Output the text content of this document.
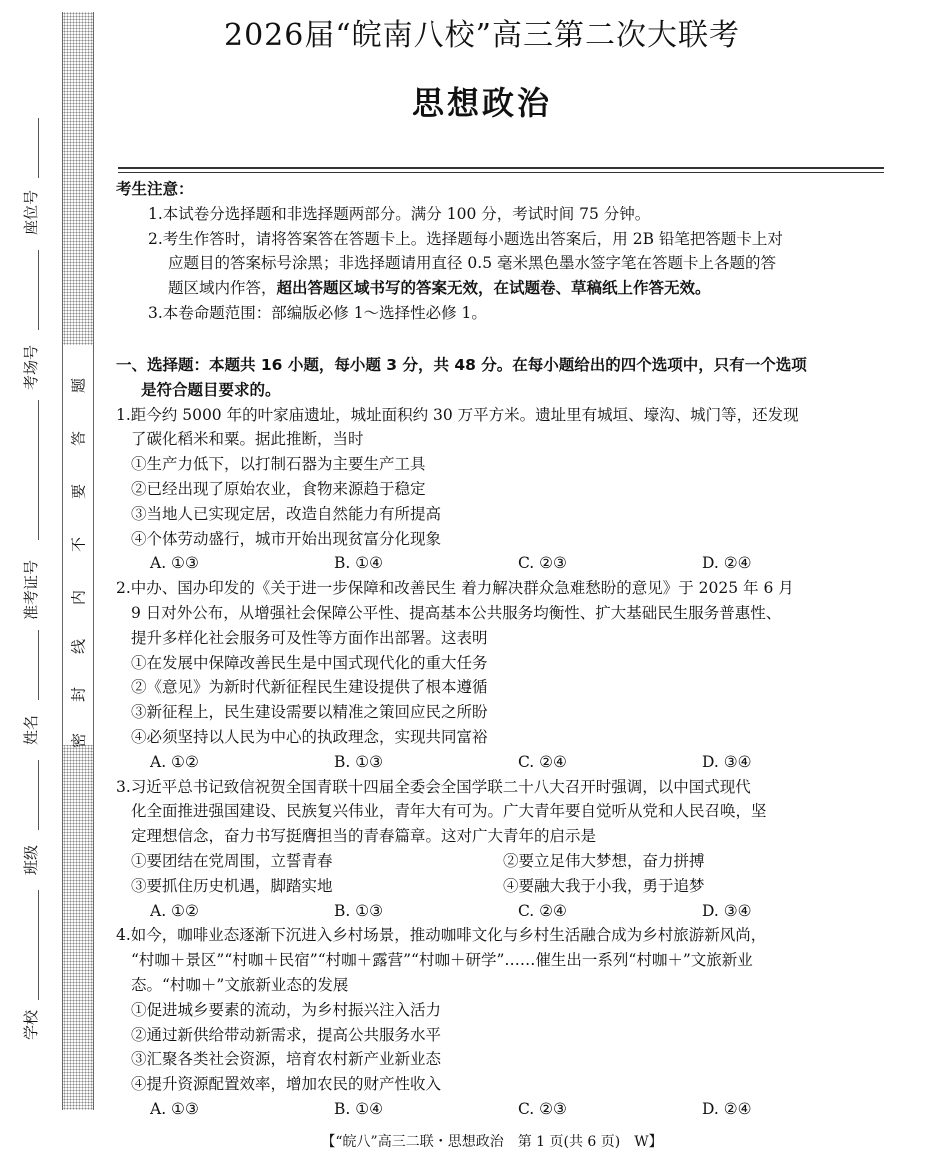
题
答
要
不
内
线
封
密
座位号
考场号
准考证号
姓名
班级
学校
2026届“皖南八校”高三第二次大联考
思想政治
考生注意：
1.本试卷分选择题和非选择题两部分。满分 100 分，考试时间 75 分钟。
2.考生作答时，请将答案答在答题卡上。选择题每小题选出答案后，用 2B 铅笔把答题卡上对
应题目的答案标号涂黑；非选择题请用直径 0.5 毫米黑色墨水签字笔在答题卡上各题的答
题区域内作答，超出答题区域书写的答案无效，在试题卷、草稿纸上作答无效。
3.本卷命题范围：部编版必修 1～选择性必修 1。
一、选择题：本题共 16 小题，每小题 3 分，共 48 分。在每小题给出的四个选项中，只有一个选项
是符合题目要求的。
1.距今约 5000 年的叶家庙遗址，城址面积约 30 万平方米。遗址里有城垣、壕沟、城门等，还发现
了碳化稻米和粟。据此推断，当时
①生产力低下，以打制石器为主要生产工具
②已经出现了原始农业，食物来源趋于稳定
③当地人已实现定居，改造自然能力有所提高
④个体劳动盛行，城市开始出现贫富分化现象
A. ①③	B. ①④	C. ②③	D. ②④
2.中办、国办印发的《关于进一步保障和改善民生 着力解决群众急难愁盼的意见》于 2025 年 6 月
9 日对外公布，从增强社会保障公平性、提高基本公共服务均衡性、扩大基础民生服务普惠性、
提升多样化社会服务可及性等方面作出部署。这表明
①在发展中保障改善民生是中国式现代化的重大任务
②《意见》为新时代新征程民生建设提供了根本遵循
③新征程上，民生建设需要以精准之策回应民之所盼
④必须坚持以人民为中心的执政理念，实现共同富裕
A. ①②	B. ①③	C. ②④	D. ③④
3.习近平总书记致信祝贺全国青联十四届全委会全国学联二十八大召开时强调，以中国式现代
化全面推进强国建设、民族复兴伟业，青年大有可为。广大青年要自觉听从党和人民召唤，坚
定理想信念，奋力书写挺膺担当的青春篇章。这对广大青年的启示是
①要团结在党周围，立誓青春	②要立足伟大梦想，奋力拼搏
③要抓住历史机遇，脚踏实地	④要融大我于小我，勇于追梦
A. ①②	B. ①③	C. ②④	D. ③④
4.如今，咖啡业态逐渐下沉进入乡村场景，推动咖啡文化与乡村生活融合成为乡村旅游新风尚，
“村咖＋景区”“村咖＋民宿”“村咖＋露营”“村咖＋研学”……催生出一系列“村咖＋”文旅新业
态。“村咖＋”文旅新业态的发展
①促进城乡要素的流动，为乡村振兴注入活力
②通过新供给带动新需求，提高公共服务水平
③汇聚各类社会资源，培育农村新产业新业态
④提升资源配置效率，增加农民的财产性收入
A. ①③	B. ①④	C. ②③	D. ②④
【“皖八”高三二联・思想政治　第 1 页(共 6 页)　W】
